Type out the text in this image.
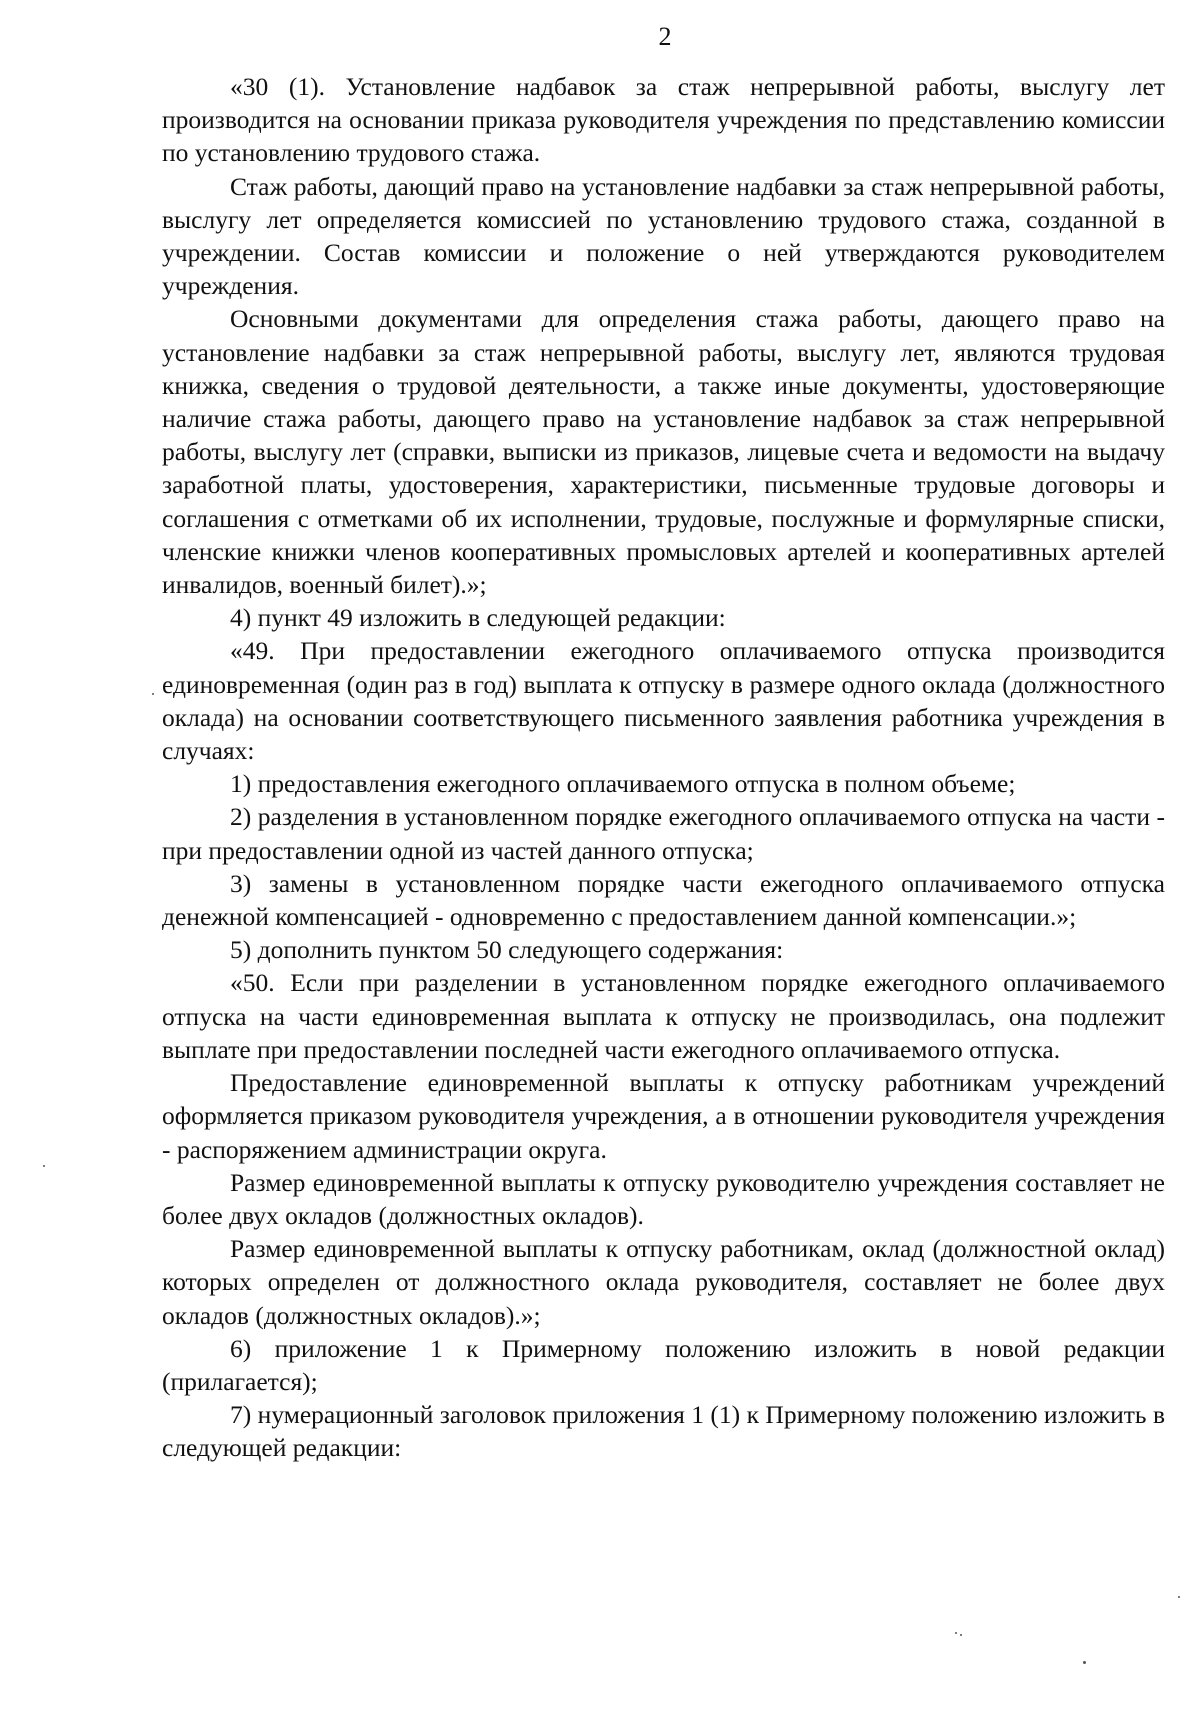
2

«30 (1). Установление надбавок за стаж непрерывной работы, выслугу лет производится на основании приказа руководителя учреждения по представлению комиссии по установлению трудового стажа.

Стаж работы, дающий право на установление надбавки за стаж непрерывной работы, выслугу лет определяется комиссией по установлению трудового стажа, созданной в учреждении. Состав комиссии и положение о ней утверждаются руководителем учреждения.

Основными документами для определения стажа работы, дающего право на установление надбавки за стаж непрерывной работы, выслугу лет, являются трудовая книжка, сведения о трудовой деятельности, а также иные документы, удостоверяющие наличие стажа работы, дающего право на установление надбавок за стаж непрерывной работы, выслугу лет (справки, выписки из приказов, лицевые счета и ведомости на выдачу заработной платы, удостоверения, характеристики, письменные трудовые договоры и соглашения с отметками об их исполнении, трудовые, послужные и формулярные списки, членские книжки членов кооперативных промысловых артелей и кооперативных артелей инвалидов, военный билет).»;

4) пункт 49 изложить в следующей редакции:

«49. При предоставлении ежегодного оплачиваемого отпуска производится единовременная (один раз в год) выплата к отпуску в размере одного оклада (должностного оклада) на основании соответствующего письменного заявления работника учреждения в случаях:

1) предоставления ежегодного оплачиваемого отпуска в полном объеме;

2) разделения в установленном порядке ежегодного оплачиваемого отпуска на части - при предоставлении одной из частей данного отпуска;

3) замены в установленном порядке части ежегодного оплачиваемого отпуска денежной компенсацией - одновременно с предоставлением данной компенсации.»;

5) дополнить пунктом 50 следующего содержания:

«50. Если при разделении в установленном порядке ежегодного оплачиваемого отпуска на части единовременная выплата к отпуску не производилась, она подлежит выплате при предоставлении последней части ежегодного оплачиваемого отпуска.

Предоставление единовременной выплаты к отпуску работникам учреждений оформляется приказом руководителя учреждения, а в отношении руководителя учреждения - распоряжением администрации округа.

Размер единовременной выплаты к отпуску руководителю учреждения составляет не более двух окладов (должностных окладов).

Размер единовременной выплаты к отпуску работникам, оклад (должностной оклад) которых определен от должностного оклада руководителя, составляет не более двух окладов (должностных окладов).»;

6) приложение 1 к Примерному положению изложить в новой редакции (прилагается);

7) нумерационный заголовок приложения 1 (1) к Примерному положению изложить в следующей редакции:
